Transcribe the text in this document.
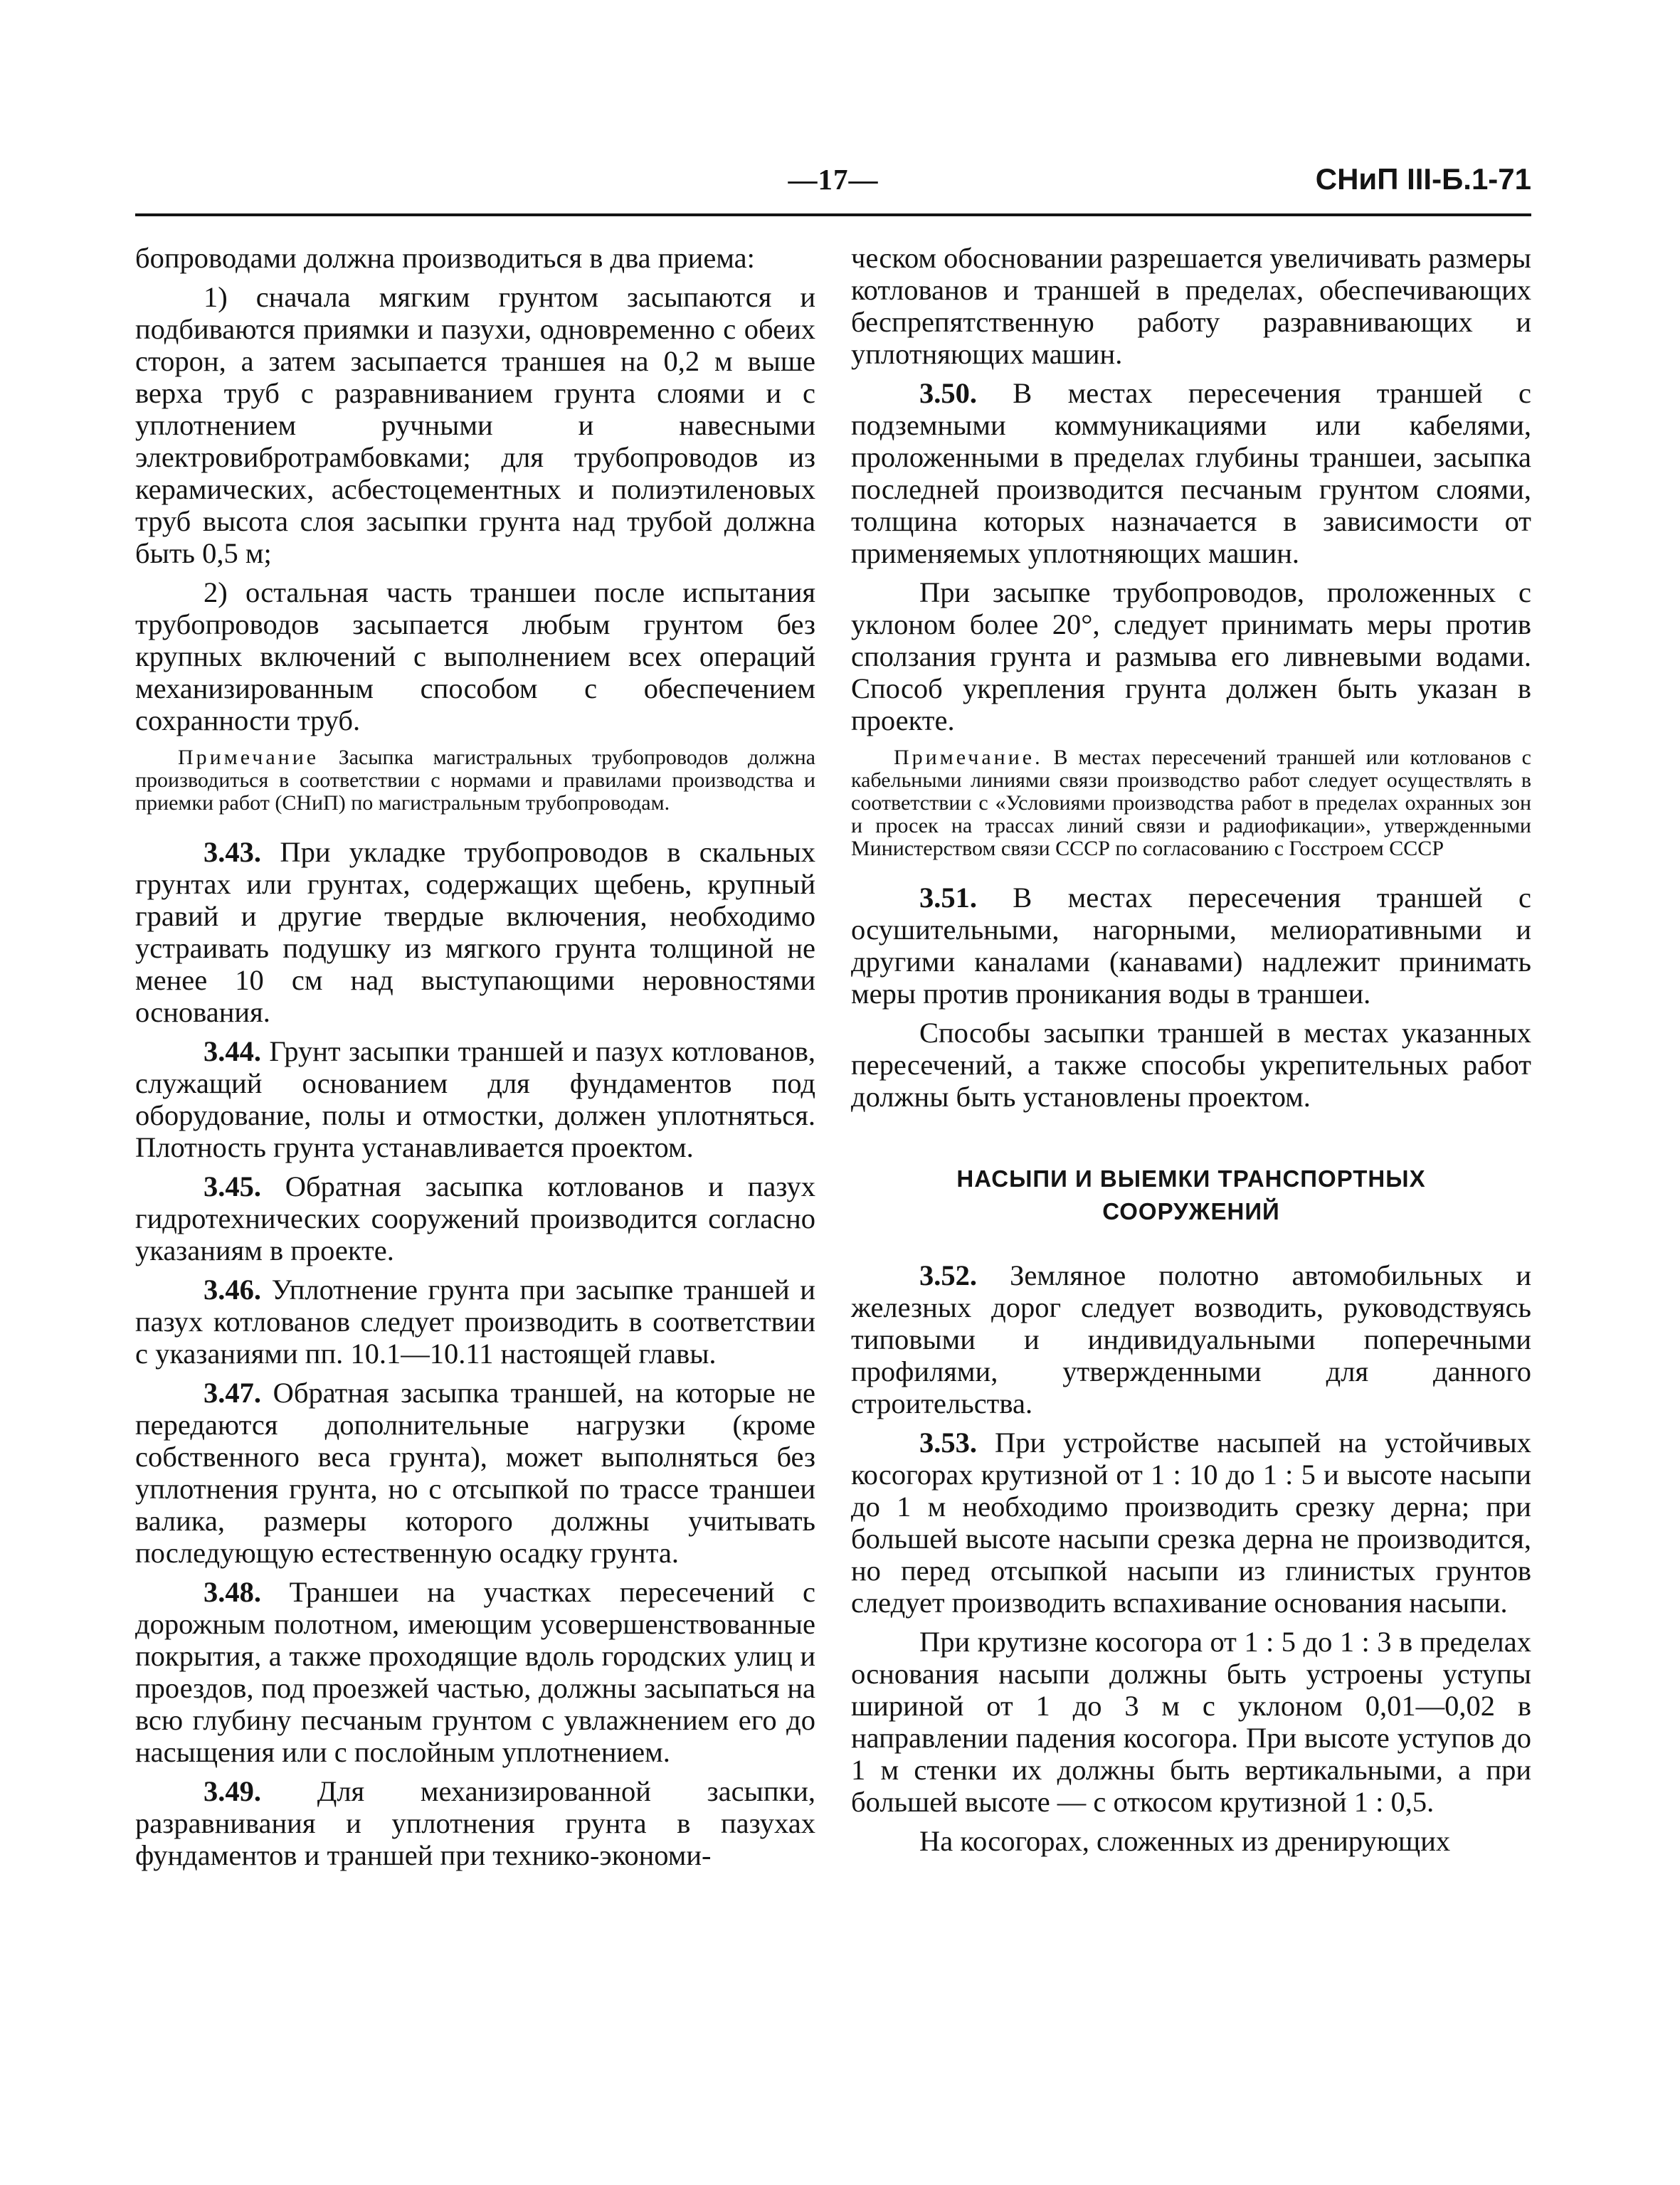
—17—	СНиП III-Б.1-71

бопроводами должна производиться в два приема:

1) сначала мягким грунтом засыпаются и подбиваются приямки и пазухи, одновременно с обеих сторон, а затем засыпается траншея на 0,2 м выше верха труб с разравниванием грунта слоями и с уплотнением ручными и навесными электровибротрамбовками; для трубопроводов из керамических, асбестоцементных и полиэтиленовых труб высота слоя засыпки грунта над трубой должна быть 0,5 м;

2) остальная часть траншеи после испытания трубопроводов засыпается любым грунтом без крупных включений с выполнением всех операций механизированным способом с обеспечением сохранности труб.

Примечание Засыпка магистральных трубопроводов должна производиться в соответствии с нормами и правилами производства и приемки работ (СНиП) по магистральным трубопроводам.

3.43. При укладке трубопроводов в скальных грунтах или грунтах, содержащих щебень, крупный гравий и другие твердые включения, необходимо устраивать подушку из мягкого грунта толщиной не менее 10 см над выступающими неровностями основания.

3.44. Грунт засыпки траншей и пазух котлованов, служащий основанием для фундаментов под оборудование, полы и отмостки, должен уплотняться. Плотность грунта устанавливается проектом.

3.45. Обратная засыпка котлованов и пазух гидротехнических сооружений производится согласно указаниям в проекте.

3.46. Уплотнение грунта при засыпке траншей и пазух котлованов следует производить в соответствии с указаниями пп. 10.1—10.11 настоящей главы.

3.47. Обратная засыпка траншей, на которые не передаются дополнительные нагрузки (кроме собственного веса грунта), может выполняться без уплотнения грунта, но с отсыпкой по трассе траншеи валика, размеры которого должны учитывать последующую естественную осадку грунта.

3.48. Траншеи на участках пересечений с дорожным полотном, имеющим усовершенствованные покрытия, а также проходящие вдоль городских улиц и проездов, под проезжей частью, должны засыпаться на всю глубину песчаным грунтом с увлажнением его до насыщения или с послойным уплотнением.

3.49. Для механизированной засыпки, разравнивания и уплотнения грунта в пазухах фундаментов и траншей при технико-экономи-

ческом обосновании разрешается увеличивать размеры котлованов и траншей в пределах, обеспечивающих беспрепятственную работу разравнивающих и уплотняющих машин.

3.50. В местах пересечения траншей с подземными коммуникациями или кабелями, проложенными в пределах глубины траншеи, засыпка последней производится песчаным грунтом слоями, толщина которых назначается в зависимости от применяемых уплотняющих машин.

При засыпке трубопроводов, проложенных с уклоном более 20°, следует принимать меры против сползания грунта и размыва его ливневыми водами. Способ укрепления грунта должен быть указан в проекте.

Примечание. В местах пересечений траншей или котлованов с кабельными линиями связи производство работ следует осуществлять в соответствии с «Условиями производства работ в пределах охранных зон и просек на трассах линий связи и радиофикации», утвержденными Министерством связи СССР по согласованию с Госстроем СССР

3.51. В местах пересечения траншей с осушительными, нагорными, мелиоративными и другими каналами (канавами) надлежит принимать меры против проникания воды в траншеи.

Способы засыпки траншей в местах указанных пересечений, а также способы укрепительных работ должны быть установлены проектом.

НАСЫПИ И ВЫЕМКИ ТРАНСПОРТНЫХ
СООРУЖЕНИЙ

3.52. Земляное полотно автомобильных и железных дорог следует возводить, руководствуясь типовыми и индивидуальными поперечными профилями, утвержденными для данного строительства.

3.53. При устройстве насыпей на устойчивых косогорах крутизной от 1 : 10 до 1 : 5 и высоте насыпи до 1 м необходимо производить срезку дерна; при большей высоте насыпи срезка дерна не производится, но перед отсыпкой насыпи из глинистых грунтов следует производить вспахивание основания насыпи.

При крутизне косогора от 1 : 5 до 1 : 3 в пределах основания насыпи должны быть устроены уступы шириной от 1 до 3 м с уклоном 0,01—0,02 в направлении падения косогора. При высоте уступов до 1 м стенки их должны быть вертикальными, а при большей высоте — с откосом крутизной 1 : 0,5.

На косогорах, сложенных из дренирующих
